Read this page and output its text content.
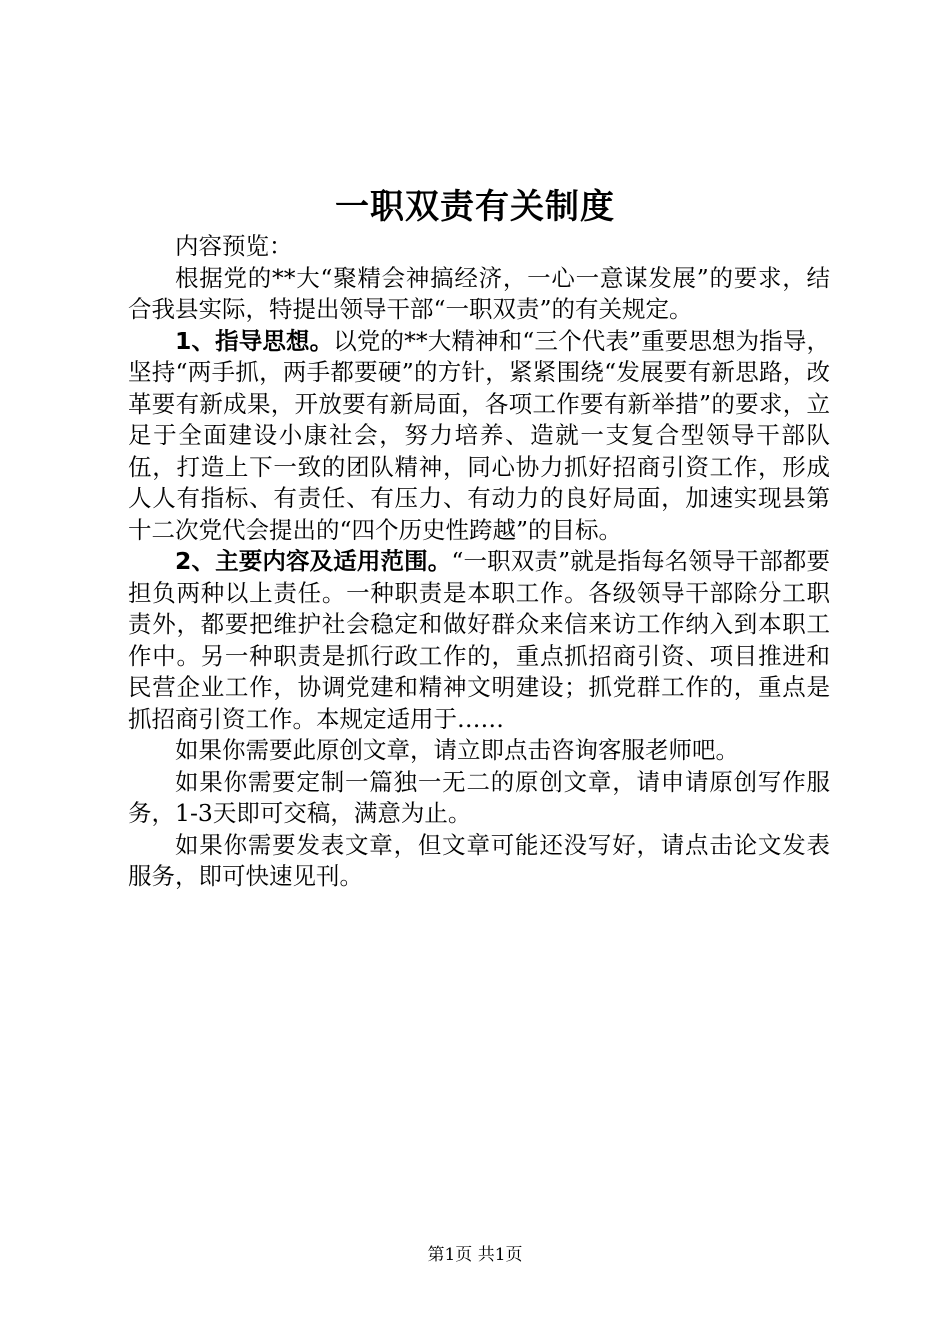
一职双责有关制度

内容预览：

根据党的**大“聚精会神搞经济，一心一意谋发展”的要求，结合我县实际，特提出领导干部“一职双责”的有关规定。

1、指导思想。以党的**大精神和“三个代表”重要思想为指导，坚持“两手抓，两手都要硬”的方针，紧紧围绕“发展要有新思路，改革要有新成果，开放要有新局面，各项工作要有新举措”的要求，立足于全面建设小康社会，努力培养、造就一支复合型领导干部队伍，打造上下一致的团队精神，同心协力抓好招商引资工作，形成人人有指标、有责任、有压力、有动力的良好局面，加速实现县第十二次党代会提出的“四个历史性跨越”的目标。

2、主要内容及适用范围。“一职双责”就是指每名领导干部都要担负两种以上责任。一种职责是本职工作。各级领导干部除分工职责外，都要把维护社会稳定和做好群众来信来访工作纳入到本职工作中。另一种职责是抓行政工作的，重点抓招商引资、项目推进和民营企业工作，协调党建和精神文明建设；抓党群工作的，重点是抓招商引资工作。本规定适用于……

如果你需要此原创文章，请立即点击咨询客服老师吧。

如果你需要定制一篇独一无二的原创文章，请申请原创写作服务，1-3天即可交稿，满意为止。

如果你需要发表文章，但文章可能还没写好，请点击论文发表服务，即可快速见刊。

第1页 共1页
